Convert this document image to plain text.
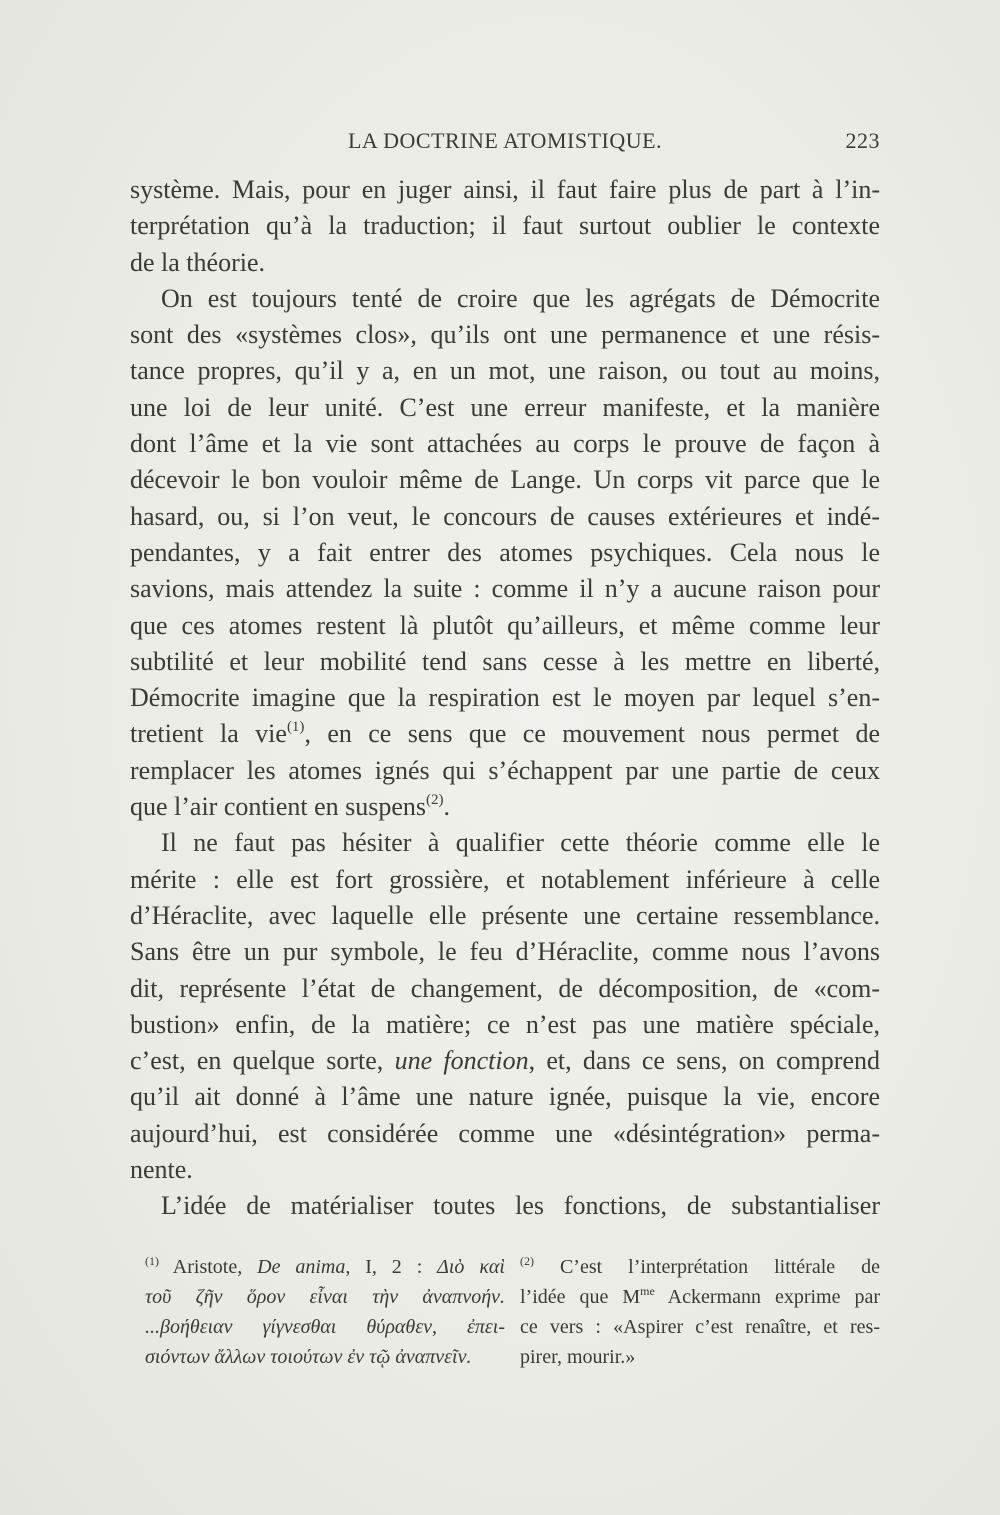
LA DOCTRINE ATOMISTIQUE.	223
système. Mais, pour en juger ainsi, il faut faire plus de part à l’in-
terprétation qu’à la traduction; il faut surtout oublier le contexte
de la théorie.
On est toujours tenté de croire que les agrégats de Démocrite
sont des «systèmes clos», qu’ils ont une permanence et une résis-
tance propres, qu’il y a, en un mot, une raison, ou tout au moins,
une loi de leur unité. C’est une erreur manifeste, et la manière
dont l’âme et la vie sont attachées au corps le prouve de façon à
décevoir le bon vouloir même de Lange. Un corps vit parce que le
hasard, ou, si l’on veut, le concours de causes extérieures et indé-
pendantes, y a fait entrer des atomes psychiques. Cela nous le
savions, mais attendez la suite : comme il n’y a aucune raison pour
que ces atomes restent là plutôt qu’ailleurs, et même comme leur
subtilité et leur mobilité tend sans cesse à les mettre en liberté,
Démocrite imagine que la respiration est le moyen par lequel s’en-
tretient la vie$^{(1)}$, en ce sens que ce mouvement nous permet de
remplacer les atomes ignés qui s’échappent par une partie de ceux
que l’air contient en suspens$^{(2)}$.
Il ne faut pas hésiter à qualifier cette théorie comme elle le
mérite : elle est fort grossière, et notablement inférieure à celle
d’Héraclite, avec laquelle elle présente une certaine ressemblance.
Sans être un pur symbole, le feu d’Héraclite, comme nous l’avons
dit, représente l’état de changement, de décomposition, de «com-
bustion» enfin, de la matière; ce n’est pas une matière spéciale,
c’est, en quelque sorte, une fonction, et, dans ce sens, on comprend
qu’il ait donné à l’âme une nature ignée, puisque la vie, encore
aujourd’hui, est considérée comme une «désintégration» perma-
nente.
L’idée de matérialiser toutes les fonctions, de substantialiser
$^{(1)}$ Aristote, De anima, I, 2 : Διὸ καὶ
τοῦ ζῆν ὅρον εἶναι τὴν ἀναπνοήν.
...βοήθειαν γίγνεσθαι θύραθεν, ἐπει-
σιόντων ἄλλων τοιούτων ἐν τῷ ἀναπνεῖν.
$^{(2)}$ C’est l’interprétation littérale de
l’idée que M$^{me}$ Ackermann exprime par
ce vers : «Aspirer c’est renaître, et res-
pirer, mourir.»
